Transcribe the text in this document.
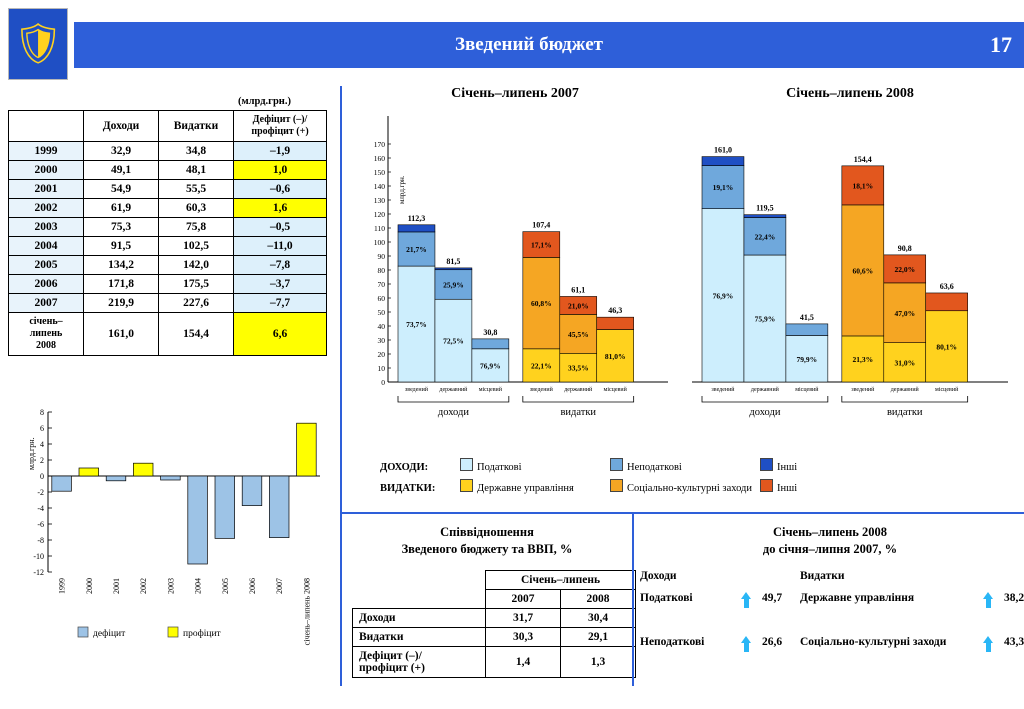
Зведений бюджет	17
🛡
(млрд.грн.)
	Доходи	Видатки	Дефіцит (–)/
профіцит (+)
1999	32,9	34,8	–1,9
2000	49,1	48,1	1,0
2001	54,9	55,5	–0,6
2002	61,9	60,3	1,6
2003	75,3	75,8	–0,5
2004	91,5	102,5	–11,0
2005	134,2	142,0	–7,8
2006	171,8	175,5	–3,7
2007	219,9	227,6	–7,7
січень–
липень
2008	161,0	154,4	6,6
8
6
4
2
0
-2
-4
-6
-8
-10
-12
млрд.грн.
1999 2000 2001 2002 2003 2004 2005 2006 2007 січень–липень 2008
дефіцит	профіцит
Січень–липень 2007	Січень–липень 2008
0
10
20
30
40
50
60
70
80
90
100
110
120
130
140
150
160
170
млрд.грн.
73,7%
21,7%
112,3
зведений
72,5%
25,9%
81,5
державний
76,9%
30,8
місцевий
22,1%
60,8%
17,1%
107,4
зведений
33,5%
45,5%
21,0%
61,1
державний
81,0%
46,3
місцевий
доходи	видатки
76,9%
19,1%
161,0
зведений
75,9%
22,4%
119,5
державний
79,9%
41,5
місцевий
21,3%
60,6%
18,1%
154,4
зведений
31,0%
47,0%
22,0%
90,8
державний
80,1%
63,6
місцевий
доходи	видатки
ДОХОДИ:	Податкові	Неподаткові	Інші
ВИДАТКИ:	Державне управління	Соціально-культурні заходи Інші
Співвідношення
Зведеного бюджету та ВВП, %
	Січень–липень	
	2007	2008
Доходи	31,7	30,4
Видатки	30,3	29,1
Дефіцит (–)/
профіцит (+)	1,4	1,3
Січень–липень 2008
до січня–липня 2007, %
Доходи	Видатки
Податкові	49,7 Державне управління	38,2
Неподаткові	26,6 Соціально-культурні заходи	43,3
